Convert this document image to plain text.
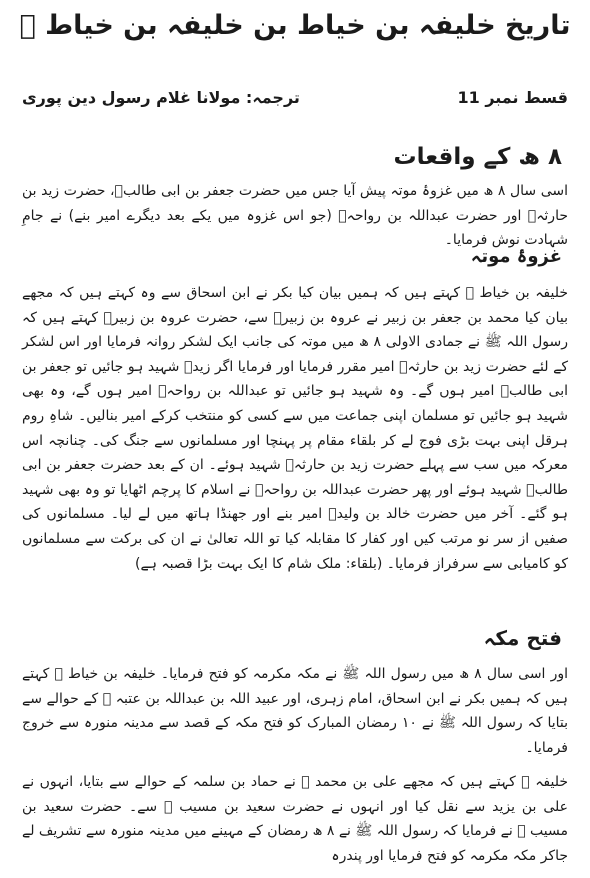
تاریخ خلیفہ بن خیاط بن خلیفہ بن خیاط ﷫
قسط نمبر 11
ترجمہ: مولانا غلام رسول دین پوری
۸ ھ کے واقعات

اسی سال ۸ ھ میں غزوۂ موتہ پیش آیا جس میں حضرت جعفر بن ابی طالب﷜، حضرت زید بن حارثہ﷜ اور حضرت عبداللہ بن رواحہ﷜ (جو اس غزوہ میں یکے بعد دیگرے امیر بنے) نے جامِ شہادت نوش فرمایا۔

غزوۂ موتہ

خلیفہ بن خیاط ﷫ کہتے ہیں کہ ہمیں بیان کیا بکر نے ابن اسحاق سے وہ کہتے ہیں کہ مجھے بیان کیا محمد بن جعفر بن زبیر نے عروہ بن زبیر﷫ سے، حضرت عروہ بن زبیر﷫ کہتے ہیں کہ رسول اللہ ﷺ نے جمادی الاولی ۸ ھ میں موتہ کی جانب ایک لشکر روانہ فرمایا اور اس لشکر کے لئے حضرت زید بن حارثہ﷜ امیر مقرر فرمایا اور فرمایا اگر زید﷜ شہید ہو جائیں تو جعفر بن ابی طالب﷜ امیر ہوں گے۔ وہ شہید ہو جائیں تو عبداللہ بن رواحہ﷜ امیر ہوں گے، وہ بھی شہید ہو جائیں تو مسلمان اپنی جماعت میں سے کسی کو منتخب کرکے امیر بنالیں۔ شاہِ روم ہرقل اپنی بہت بڑی فوج لے کر بلقاء مقام پر پہنچا اور مسلمانوں سے جنگ کی۔ چنانچہ اس معرکہ میں سب سے پہلے حضرت زید بن حارثہ﷜ شہید ہوئے۔ ان کے بعد حضرت جعفر بن ابی طالب﷜ شہید ہوئے اور پھر حضرت عبداللہ بن رواحہ﷜ نے اسلام کا پرچم اٹھایا تو وہ بھی شہید ہو گئے۔ آخر میں حضرت خالد بن ولید﷜ امیر بنے اور جھنڈا ہاتھ میں لے لیا۔ مسلمانوں کی صفیں از سر نو مرتب کیں اور کفار کا مقابلہ کیا تو اللہ تعالیٰ نے ان کی برکت سے مسلمانوں کو کامیابی سے سرفراز فرمایا۔ (بلقاء: ملک شام کا ایک بہت بڑا قصبہ ہے)

فتح مکہ

اور اسی سال ۸ ھ میں رسول اللہ ﷺ نے مکہ مکرمہ کو فتح فرمایا۔ خلیفہ بن خیاط ﷫ کہتے ہیں کہ ہمیں بکر نے ابن اسحاق، امام زہری، اور عبید اللہ بن عبداللہ بن عتبہ ﷫ کے حوالے سے بتایا کہ رسول اللہ ﷺ نے ۱۰ رمضان المبارک کو فتح مکہ کے قصد سے مدینہ منورہ سے خروج فرمایا۔

خلیفہ ﷫ کہتے ہیں کہ مجھے علی بن محمد ﷫ نے حماد بن سلمہ کے حوالے سے بتایا، انہوں نے علی بن یزید سے نقل کیا اور انہوں نے حضرت سعید بن مسیب ﷫ سے۔ حضرت سعید بن مسیب ﷫ نے فرمایا کہ رسول اللہ ﷺ نے ۸ ھ رمضان کے مہینے میں مدینہ منورہ سے تشریف لے جاکر مکہ مکرمہ کو فتح فرمایا اور پندرہ
